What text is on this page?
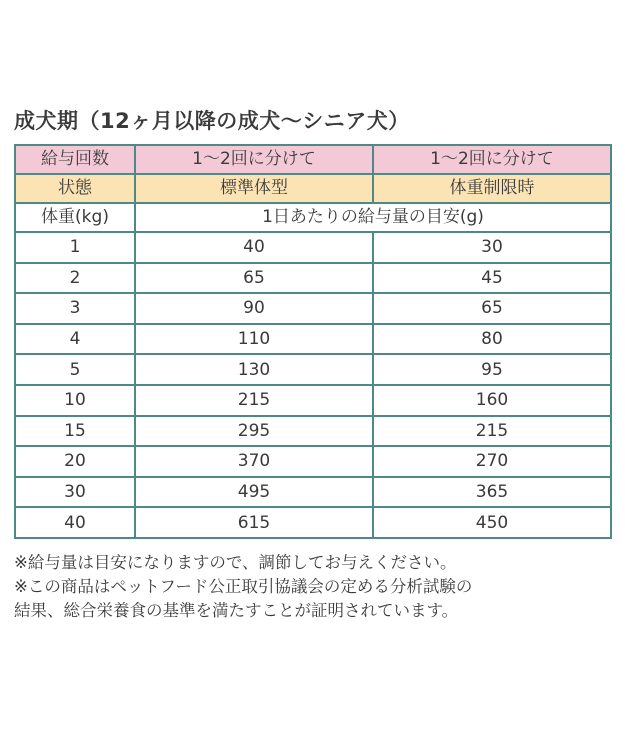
成犬期（12ヶ月以降の成犬〜シニア犬）
給与回数	1〜2回に分けて	1〜2回に分けて
状態	標準体型	体重制限時
体重(kg)	1日あたりの給与量の目安(g)	
1	40	30
2	65	45
3	90	65
4	110	80
5	130	95
10	215	160
15	295	215
20	370	270
30	495	365
40	615	450
※給与量は目安になりますので、調節してお与えください。
※この商品はペットフード公正取引協議会の定める分析試験の
結果、総合栄養食の基準を満たすことが証明されています。
